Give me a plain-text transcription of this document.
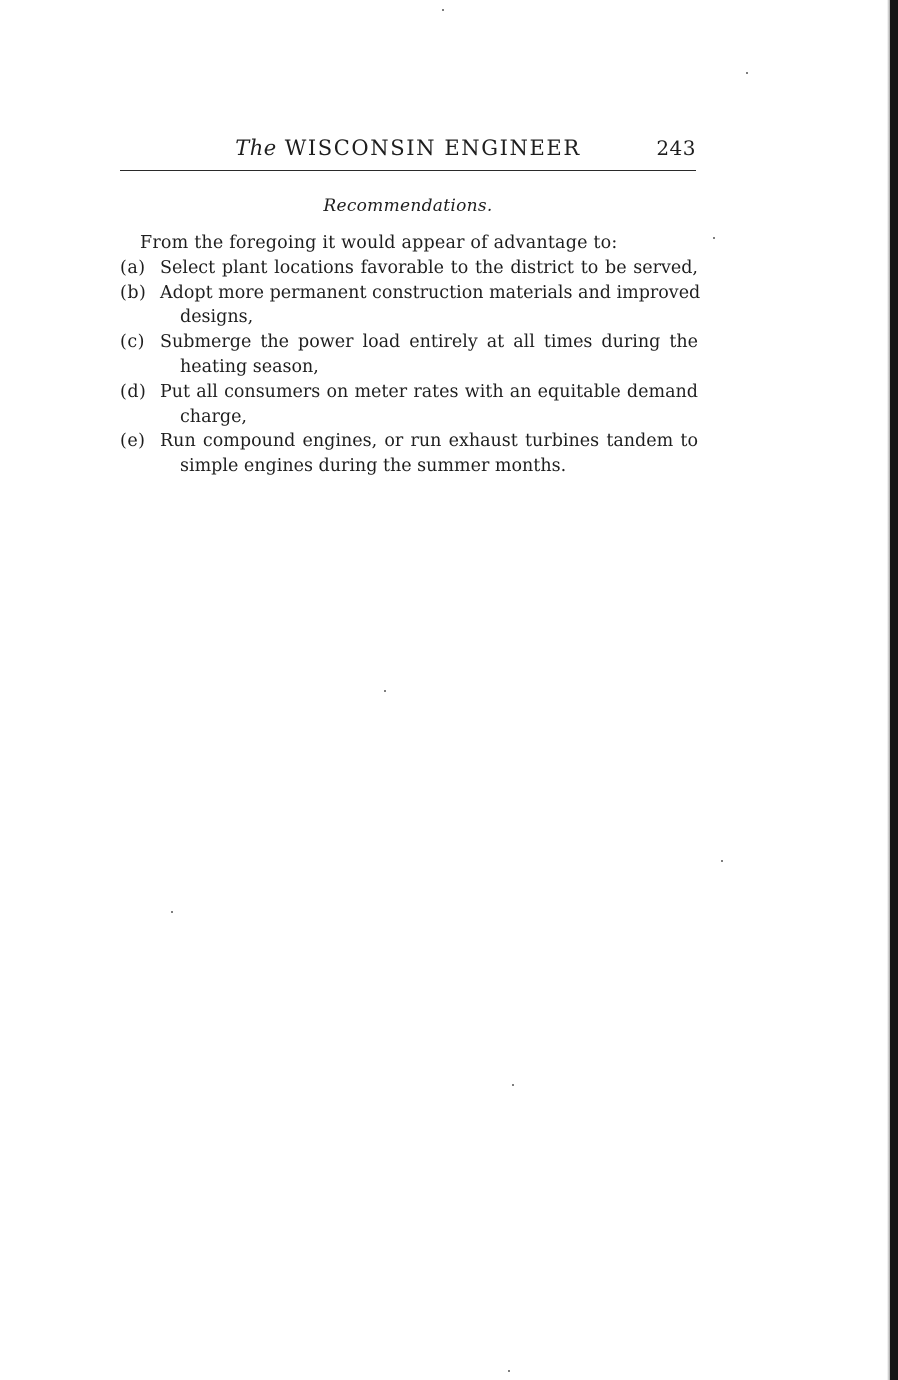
The WISCONSIN ENGINEER	243
Recommendations.

From the foregoing it would appear of advantage to:

(a) Select plant locations favorable to the district to be served,
(b) Adopt more permanent construction materials and improved
designs,
(c) Submerge the power load entirely at all times during the
heating season,
(d) Put all consumers on meter rates with an equitable demand
charge,
(e) Run compound engines, or run exhaust turbines tandem to
simple engines during the summer months.
